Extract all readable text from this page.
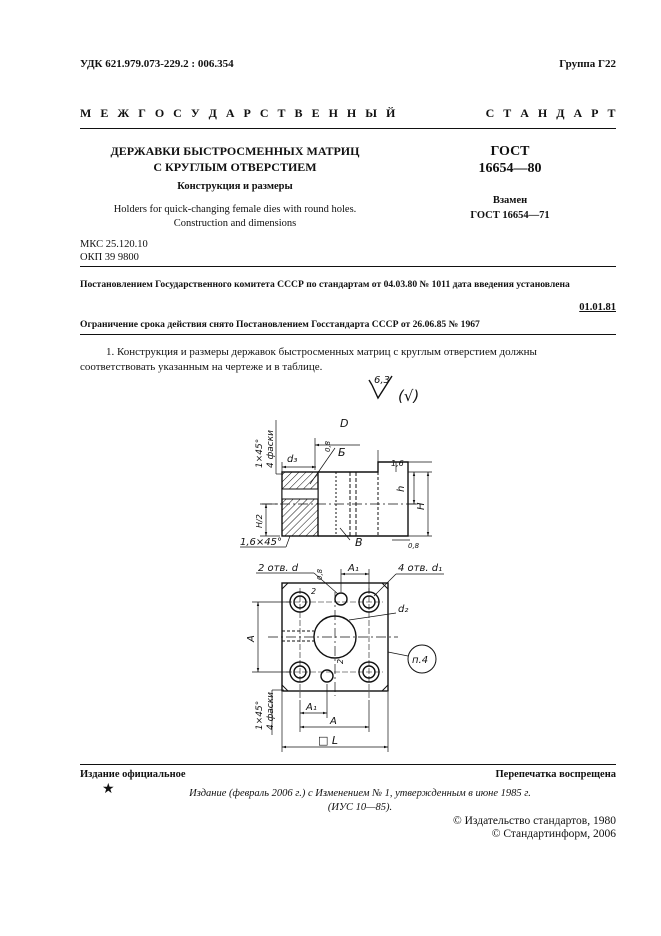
УДК 621.979.073-229.2 : 006.354	Группа Г22
М Е Ж Г О С У Д А Р С Т В Е Н Н Ы Й	С Т А Н Д А Р Т
ДЕРЖАВКИ БЫСТРОСМЕННЫХ МАТРИЦ
С КРУГЛЫМ ОТВЕРСТИЕМ
Конструкция и размеры
Holders for quick-changing female dies with round holes.
Construction and dimensions
ГОСТ
16654—80
Взамен
ГОСТ 16654—71
МКС 25.120.10
ОКП 39 9800
Постановлением Государственного комитета СССР по стандартам от 04.03.80 № 1011 дата введения установлена
01.01.81
Ограничение срока действия снято Постановлением Госстандарта СССР от 26.06.85 № 1967
1. Конструкция и размеры державок быстросменных матриц с круглым отверстием должны
соответствовать указанным на чертеже и в таблице.
6,3
(√)
D
0,8 Б
d₃	1,6
h
H
H/2
1×45° 4 фаски
1,6×45°	В	0,8
2 отв. d	A₁	4 отв. d₁
0,8
2
d₂
A
2	п.4
1×45° 4 фаски	A₁
A
□ L
Издание официальное	Перепечатка воспрещена
★	Издание (февраль 2006 г.) с Изменением № 1, утвержденным в июне 1985 г.
(ИУС 10—85).
© Издательство стандартов, 1980
© Стандартинформ, 2006
